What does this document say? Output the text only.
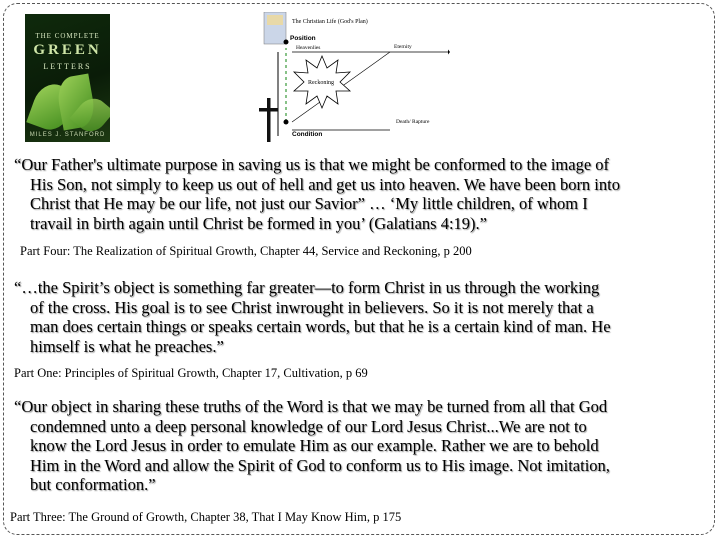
THE COMPLETE
GREEN
LETTERS
MILES J. STANFORD
The Christian Life (God's Plan)
Position
Heavenlies	Eternity
Reckoning
Condition
Death/ Rapture

“Our Father's ultimate purpose in saving us is that we might be conformed to the image of

His Son, not simply to keep us out of hell and get us into heaven. We have been born into

Christ that He may be our life, not just our Savior” … ‘My little children, of whom I

travail in birth again until Christ be formed in you’ (Galatians 4:19).”

Part Four: The Realization of Spiritual Growth, Chapter 44, Service and Reckoning, p 200

“…the Spirit’s object is something far greater—to form Christ in us through the working

of the cross. His goal is to see Christ inwrought in believers. So it is not merely that a

man does certain things or speaks certain words, but that he is a certain kind of man. He

himself is what he preaches.”

Part One: Principles of Spiritual Growth, Chapter 17, Cultivation, p 69

“Our object in sharing these truths of the Word is that we may be turned from all that God

condemned unto a deep personal knowledge of our Lord Jesus Christ...We are not to

know the Lord Jesus in order to emulate Him as our example. Rather we are to behold

Him in the Word and allow the Spirit of God to conform us to His image. Not imitation,

but conformation.”

Part Three: The Ground of Growth, Chapter 38, That I May Know Him, p 175
